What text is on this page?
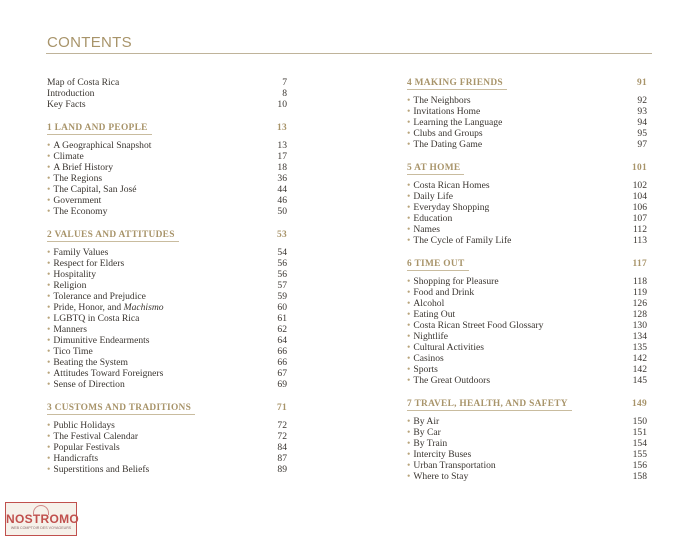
CONTENTS
Map of Costa Rica	7
Introduction	8
Key Facts	10
1 LAND AND PEOPLE	13
• A Geographical Snapshot	13
• Climate	17
• A Brief History	18
• The Regions	36
• The Capital, San José	44
• Government	46
• The Economy	50
2 VALUES AND ATTITUDES	53
• Family Values	54
• Respect for Elders	56
• Hospitality	56
• Religion	57
• Tolerance and Prejudice	59
• Pride, Honor, and Machismo	60
• LGBTQ in Costa Rica	61
• Manners	62
• Dimunitive Endearments	64
• Tico Time	66
• Beating the System	66
• Attitudes Toward Foreigners	67
• Sense of Direction	69
3 CUSTOMS AND TRADITIONS	71
• Public Holidays	72
• The Festival Calendar	72
• Popular Festivals	84
• Handicrafts	87
• Superstitions and Beliefs	89
4 MAKING FRIENDS	91
• The Neighbors	92
• Invitations Home	93
• Learning the Language	94
• Clubs and Groups	95
• The Dating Game	97
5 AT HOME	101
• Costa Rican Homes	102
• Daily Life	104
• Everyday Shopping	106
• Education	107
• Names	112
• The Cycle of Family Life	113
6 TIME OUT	117
• Shopping for Pleasure	118
• Food and Drink	119
• Alcohol	126
• Eating Out	128
• Costa Rican Street Food Glossary	130
• Nightlife	134
• Cultural Activities	135
• Casinos	142
• Sports	142
• The Great Outdoors	145
7 TRAVEL, HEALTH, AND SAFETY	149
• By Air	150
• By Car	151
• By Train	154
• Intercity Buses	155
• Urban Transportation	156
• Where to Stay	158
NOSTROMO
WEB COMPTOIR DES VOYAGEURS
